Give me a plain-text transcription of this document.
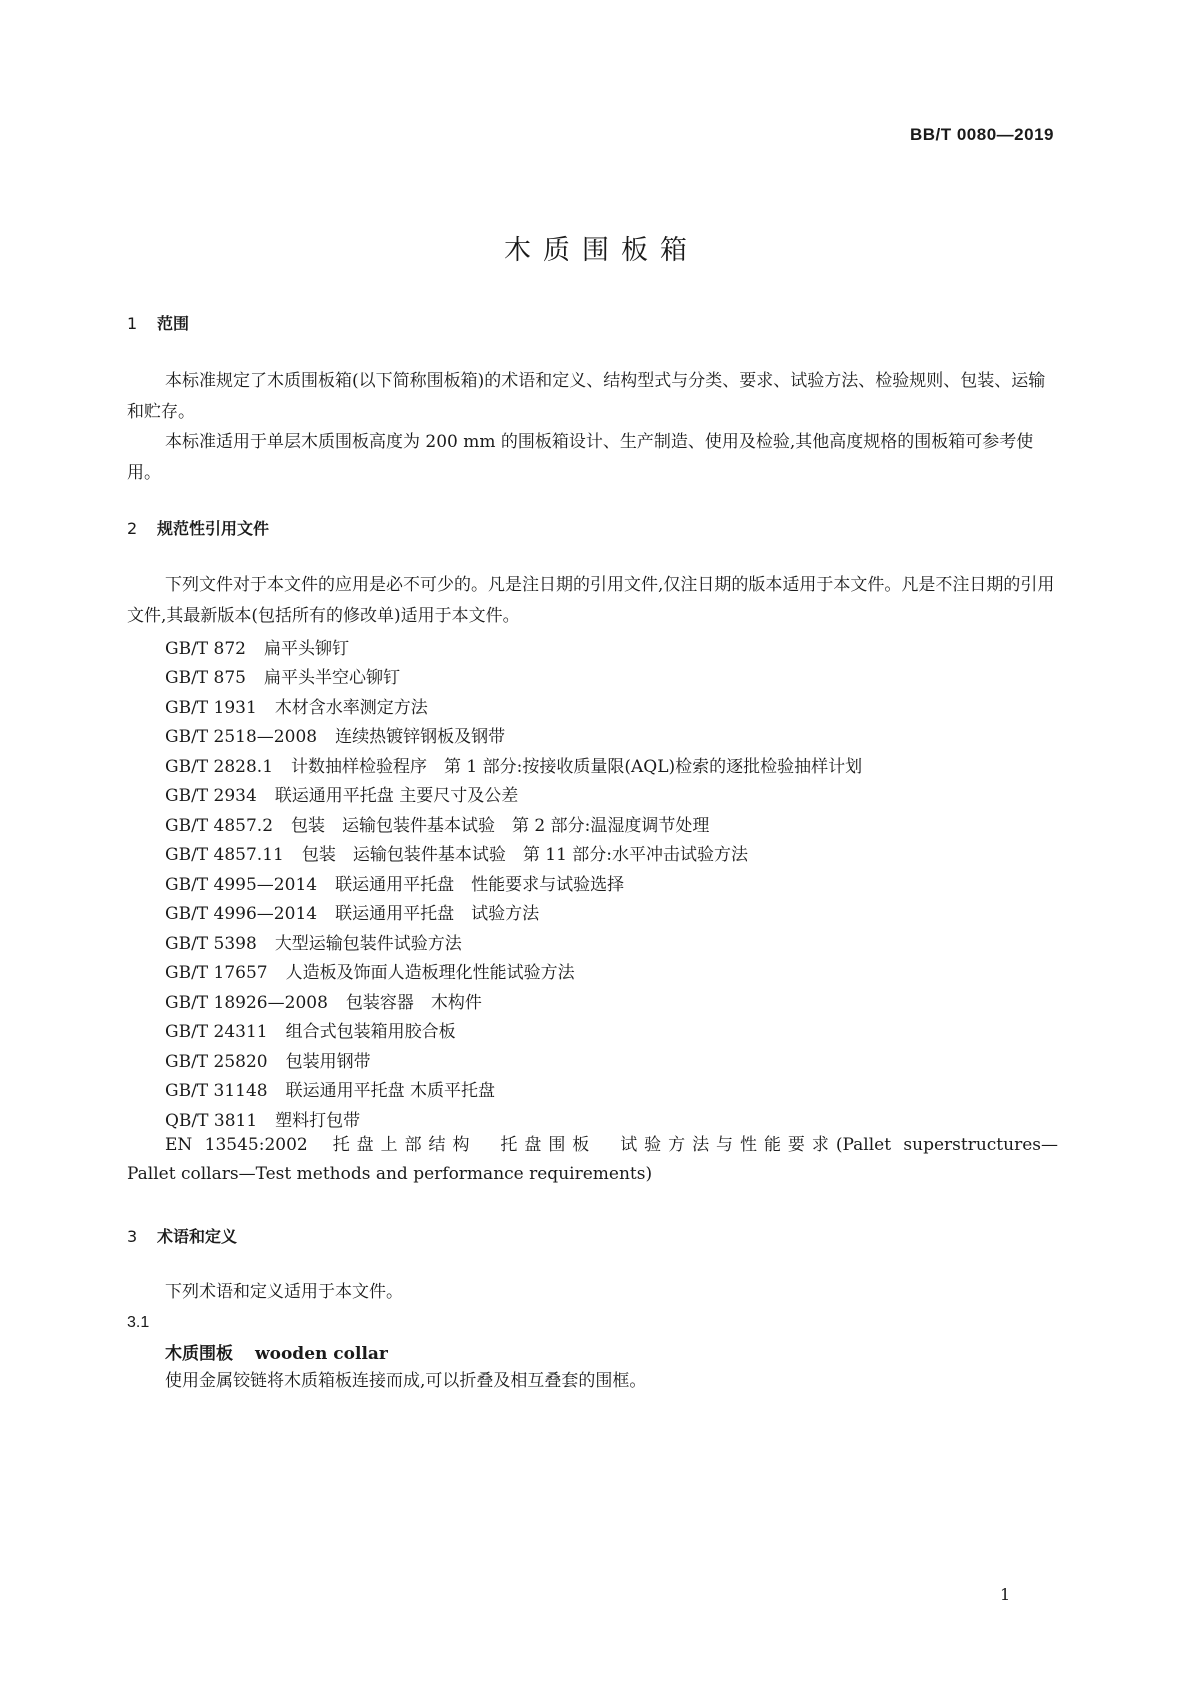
BB/T 0080—2019
木质围板箱
1 范围
本标准规定了木质围板箱(以下简称围板箱)的术语和定义、结构型式与分类、要求、试验方法、检验规则、包装、运输和贮存。
本标准适用于单层木质围板高度为 200 mm 的围板箱设计、生产制造、使用及检验,其他高度规格的围板箱可参考使用。
2 规范性引用文件
下列文件对于本文件的应用是必不可少的。凡是注日期的引用文件,仅注日期的版本适用于本文件。凡是不注日期的引用文件,其最新版本(包括所有的修改单)适用于本文件。
GB/T 872 扁平头铆钉
GB/T 875 扁平头半空心铆钉
GB/T 1931 木材含水率测定方法
GB/T 2518—2008 连续热镀锌钢板及钢带
GB/T 2828.1 计数抽样检验程序　第 1 部分:按接收质量限(AQL)检索的逐批检验抽样计划
GB/T 2934 联运通用平托盘 主要尺寸及公差
GB/T 4857.2 包装　运输包装件基本试验　第 2 部分:温湿度调节处理
GB/T 4857.11 包装　运输包装件基本试验　第 11 部分:水平冲击试验方法
GB/T 4995—2014 联运通用平托盘　性能要求与试验选择
GB/T 4996—2014 联运通用平托盘　试验方法
GB/T 5398 大型运输包装件试验方法
GB/T 17657 人造板及饰面人造板理化性能试验方法
GB/T 18926—2008 包装容器　木构件
GB/T 24311 组合式包装箱用胶合板
GB/T 25820 包装用钢带
GB/T 31148 联运通用平托盘 木质平托盘
QB/T 3811 塑料打包带
EN 13545:2002 托盘上部结构　托盘围板　试验方法与性能要求(Pallet superstructures—
Pallet collars—Test methods and performance requirements)
3 术语和定义
下列术语和定义适用于本文件。
3.1
木质围板 wooden collar
使用金属铰链将木质箱板连接而成,可以折叠及相互叠套的围框。
1
